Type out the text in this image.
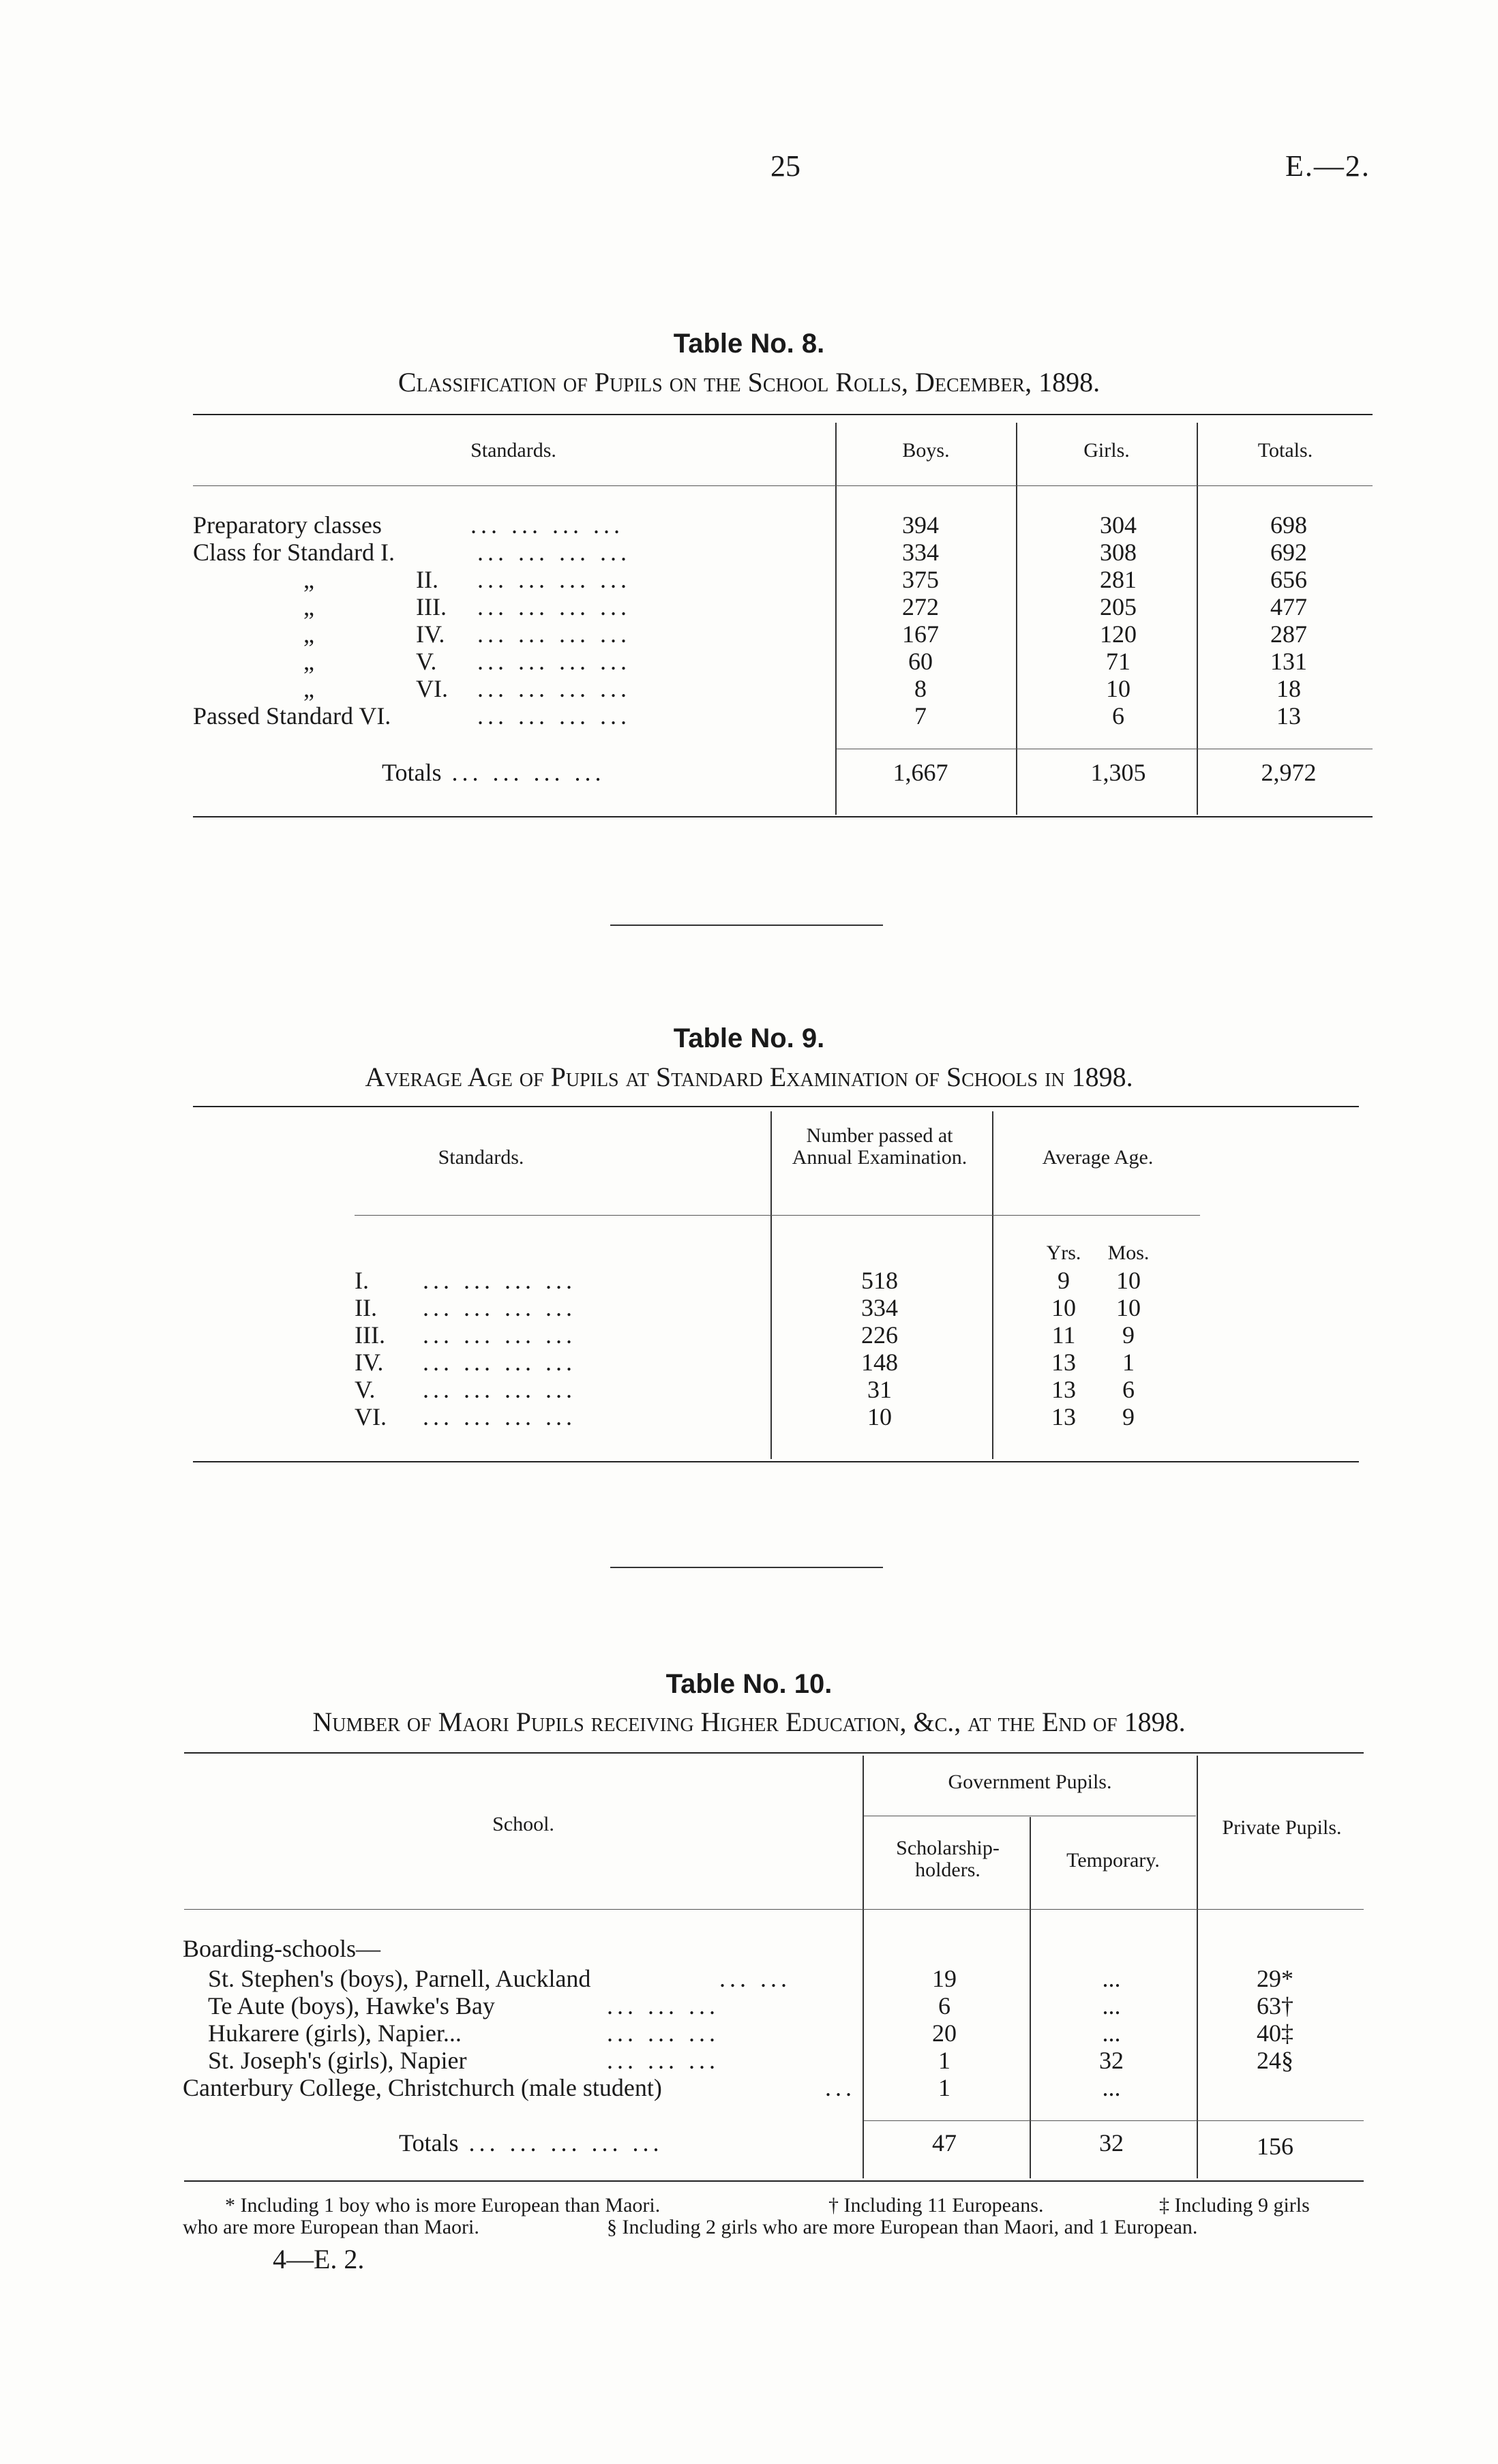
25	E.—2.
Table No. 8.
Classification of Pupils on the School Rolls, December, 1898.
Standards.	Boys.	Girls.	Totals.
Preparatory classes	... ... ... ...	394	304	698
Class for Standard I.	... ... ... ...	334	308	692
„	II. ... ... ... ...	375	281	656
„	III. ... ... ... ...	272	205	477
„	IV. ... ... ... ...	167	120	287
„	V. ... ... ... ...	60	71	131
„	VI. ... ... ... ...	8	10	18
Passed Standard VI.	... ... ... ...	7	6	13
Totals ... ... ... ...	1,667	1,305	2,972
Table No. 9.
Average Age of Pupils at Standard Examination of Schools in 1898.
Standards.
Number passed at Annual Examination.	Average Age.
Yrs.	Mos.
I. ... ... ... ...	518	9	10
II. ... ... ... ...	334	10	10
III. ... ... ... ...	226	11	9
IV. ... ... ... ...	148	13	1
V. ... ... ... ...	31	13	6
VI. ... ... ... ...	10	13	9
Table No. 10.
Number of Maori Pupils receiving Higher Education, &c., at the End of 1898.
School.
Government Pupils.
Scholarship-holders.	Temporary.
Private Pupils.
Boarding-schools—
St. Stephen's (boys), Parnell, Auckland	... ...	19	...	29*
Te Aute (boys), Hawke's Bay	... ... ...	6	...	63†
Hukarere (girls), Napier...	... ... ...	20	...	40‡
St. Joseph's (girls), Napier	... ... ...	1	32	24§
Canterbury College, Christchurch (male student)	...	1	...
Totals ... ... ... ... ...	47	32	156
* Including 1 boy who is more European than Maori.	† Including 11 Europeans.	‡ Including 9 girls
who are more European than Maori.	§ Including 2 girls who are more European than Maori, and 1 European.
4—E. 2.
